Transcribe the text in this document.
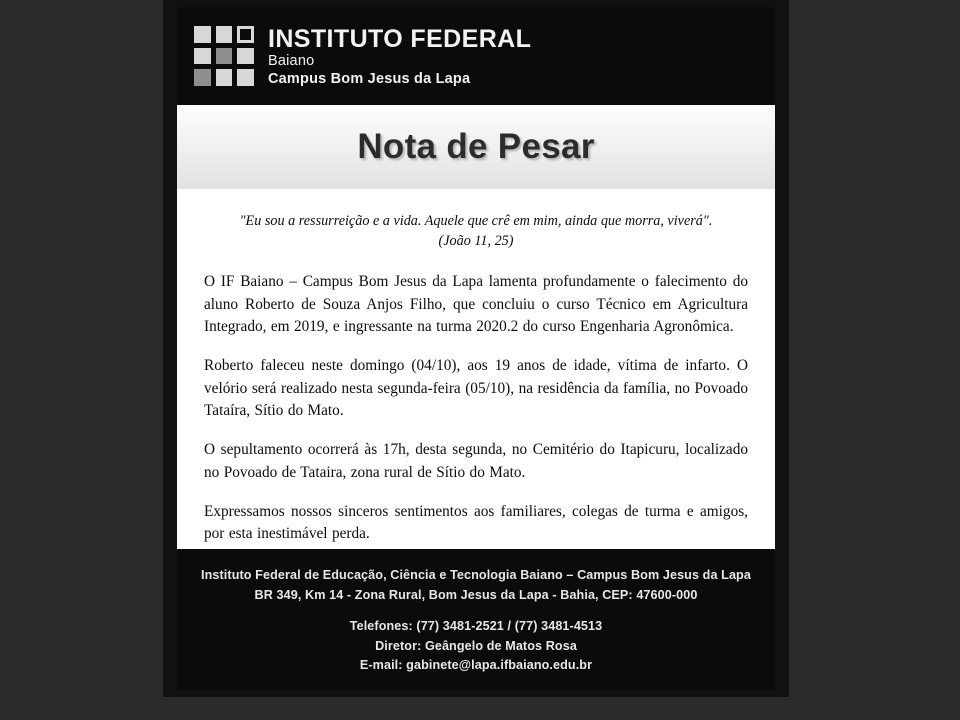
INSTITUTO FEDERAL
Baiano
Campus Bom Jesus da Lapa
Nota de Pesar
"Eu sou a ressurreição e a vida. Aquele que crê em mim, ainda que morra, viverá".
(João 11, 25)

O IF Baiano – Campus Bom Jesus da Lapa lamenta profundamente o falecimento do aluno Roberto de Souza Anjos Filho, que concluiu o curso Técnico em Agricultura Integrado, em 2019, e ingressante na turma 2020.2 do curso Engenharia Agronômica.

Roberto faleceu neste domingo (04/10), aos 19 anos de idade, vítima de infarto. O velório será realizado nesta segunda-feira (05/10), na residência da família, no Povoado Tataíra, Sítio do Mato.

O sepultamento ocorrerá às 17h, desta segunda, no Cemitério do Itapicuru, localizado no Povoado de Tataira, zona rural de Sítio do Mato.

Expressamos nossos sinceros sentimentos aos familiares, colegas de turma e amigos, por esta inestimável perda.

Instituto Federal de Educação, Ciência e Tecnologia Baiano – Campus Bom Jesus da Lapa
BR 349, Km 14 - Zona Rural, Bom Jesus da Lapa - Bahia, CEP: 47600-000
Telefones: (77) 3481-2521 / (77) 3481-4513
Diretor: Geângelo de Matos Rosa
E-mail: gabinete@lapa.ifbaiano.edu.br
